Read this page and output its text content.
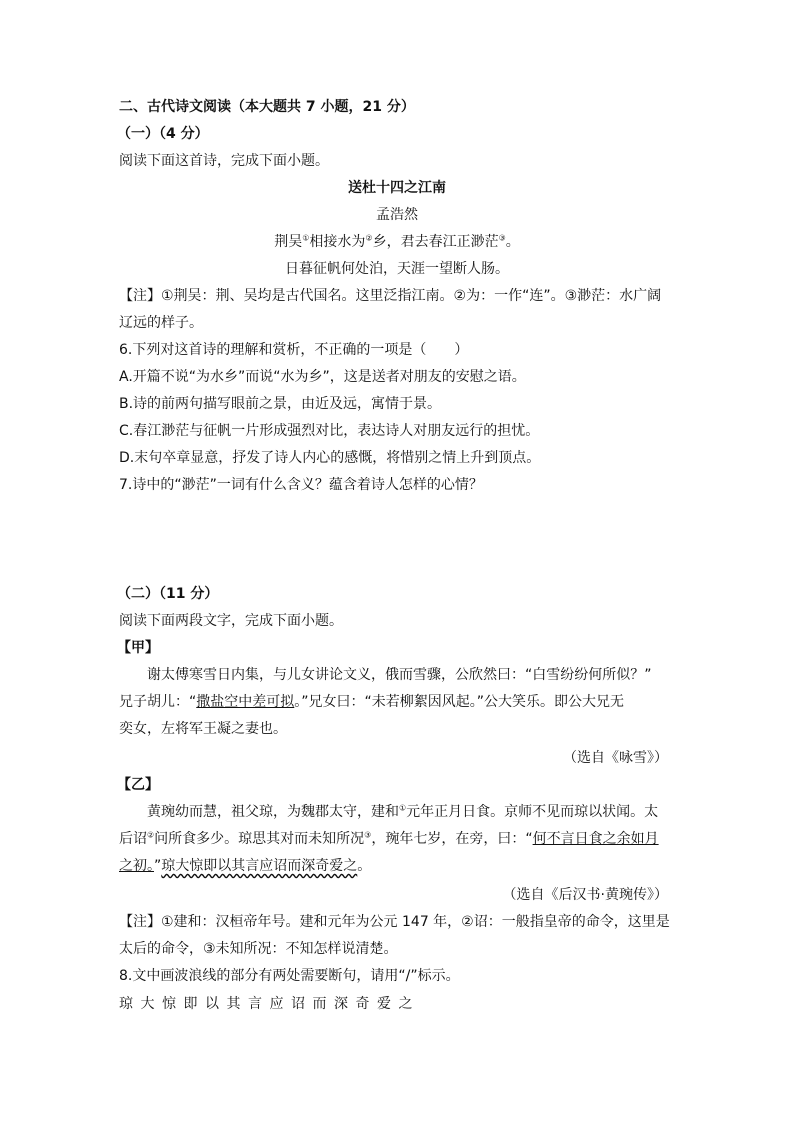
二、古代诗文阅读（本大题共 7 小题，21 分）
（一）（4 分）
阅读下面这首诗，完成下面小题。
送杜十四之江南
孟浩然
荆吴①相接水为②乡，君去春江正渺茫③。
日暮征帆何处泊，天涯一望断人肠。
【注】①荆吴：荆、吴均是古代国名。这里泛指江南。②为：一作“连”。③渺茫：水广阔
辽远的样子。
6.下列对这首诗的理解和赏析，不正确的一项是（　　）
A.开篇不说“为水乡”而说“水为乡”，这是送者对朋友的安慰之语。
B.诗的前两句描写眼前之景，由近及远，寓情于景。
C.春江渺茫与征帆一片形成强烈对比，表达诗人对朋友远行的担忧。
D.末句卒章显意，抒发了诗人内心的感慨，将惜别之情上升到顶点。
7.诗中的“渺茫”一词有什么含义？蕴含着诗人怎样的心情？
（二）（11 分）
阅读下面两段文字，完成下面小题。
【甲】
谢太傅寒雪日内集，与儿女讲论文义，俄而雪骤，公欣然曰：“白雪纷纷何所似？”
兄子胡儿：“撒盐空中差可拟。”兄女曰：“未若柳絮因风起。”公大笑乐。即公大兄无
奕女，左将军王凝之妻也。
（选自《咏雪》）
【乙】
黄琬幼而慧，祖父琼，为魏郡太守，建和①元年正月日食。京师不见而琼以状闻。太
后诏②问所食多少。琼思其对而未知所况③，琬年七岁，在旁，曰：“何不言日食之余如月
之初。”琼大惊即以其言应诏而深奇爱之。
（选自《后汉书·黄琬传》）
【注】①建和：汉桓帝年号。建和元年为公元 147 年，②诏：一般指皇帝的命令，这里是
太后的命令，③未知所况：不知怎样说清楚。
8.文中画波浪线的部分有两处需要断句，请用“/”标示。
琼大惊即以其言应诏而深奇爱之
